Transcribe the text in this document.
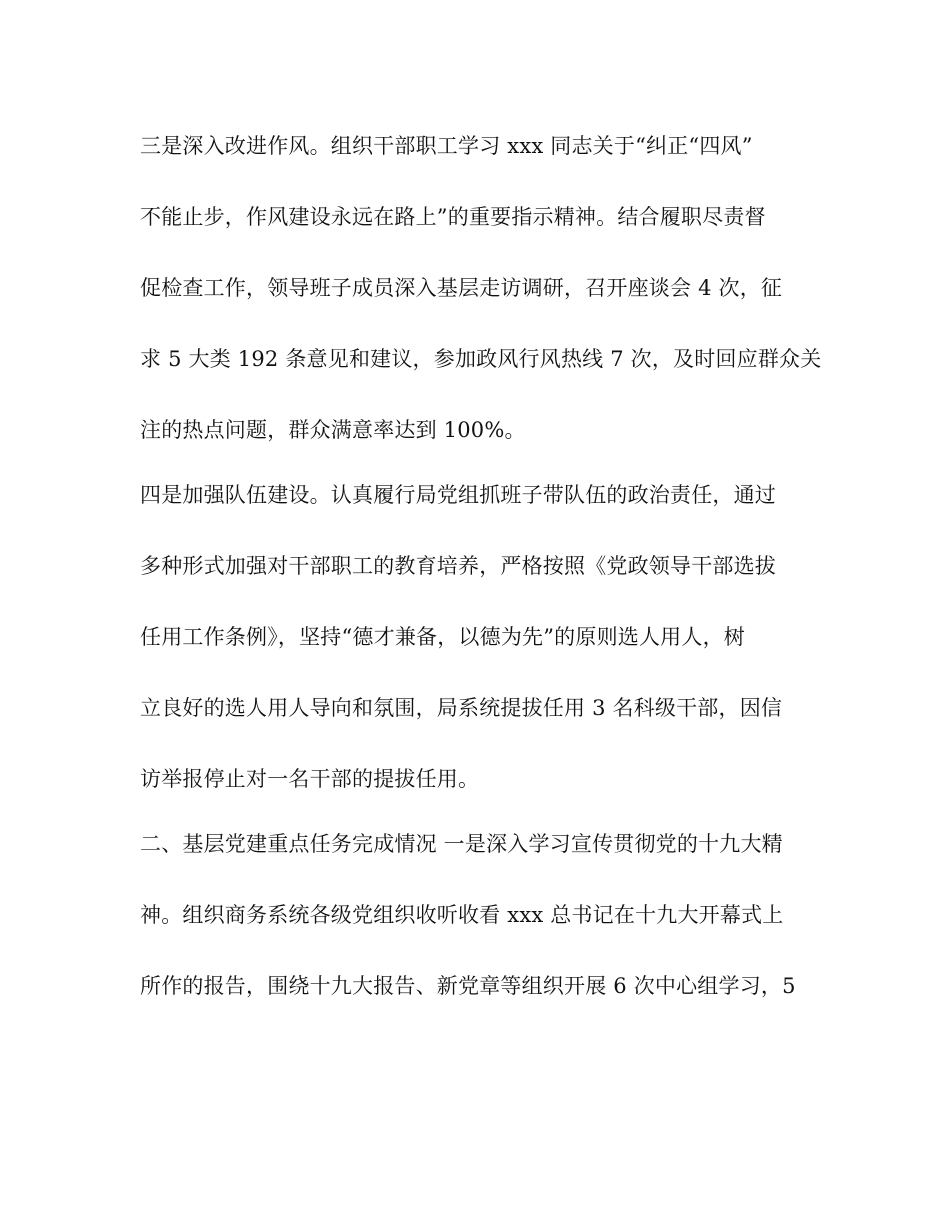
三是深入改进作风。组织干部职工学习 xxx 同志关于“纠正“四风”
不能止步，作风建设永远在路上”的重要指示精神。结合履职尽责督
促检查工作，领导班子成员深入基层走访调研，召开座谈会 4 次，征
求 5 大类 192 条意见和建议，参加政风行风热线 7 次，及时回应群众关
注的热点问题，群众满意率达到 100%。
四是加强队伍建设。认真履行局党组抓班子带队伍的政治责任，通过
多种形式加强对干部职工的教育培养，严格按照《党政领导干部选拔
任用工作条例》，坚持“德才兼备，以德为先”的原则选人用人，树
立良好的选人用人导向和氛围，局系统提拔任用 3 名科级干部，因信
访举报停止对一名干部的提拔任用。
二、基层党建重点任务完成情况 一是深入学习宣传贯彻党的十九大精
神。组织商务系统各级党组织收听收看 xxx 总书记在十九大开幕式上
所作的报告，围绕十九大报告、新党章等组织开展 6 次中心组学习，5
